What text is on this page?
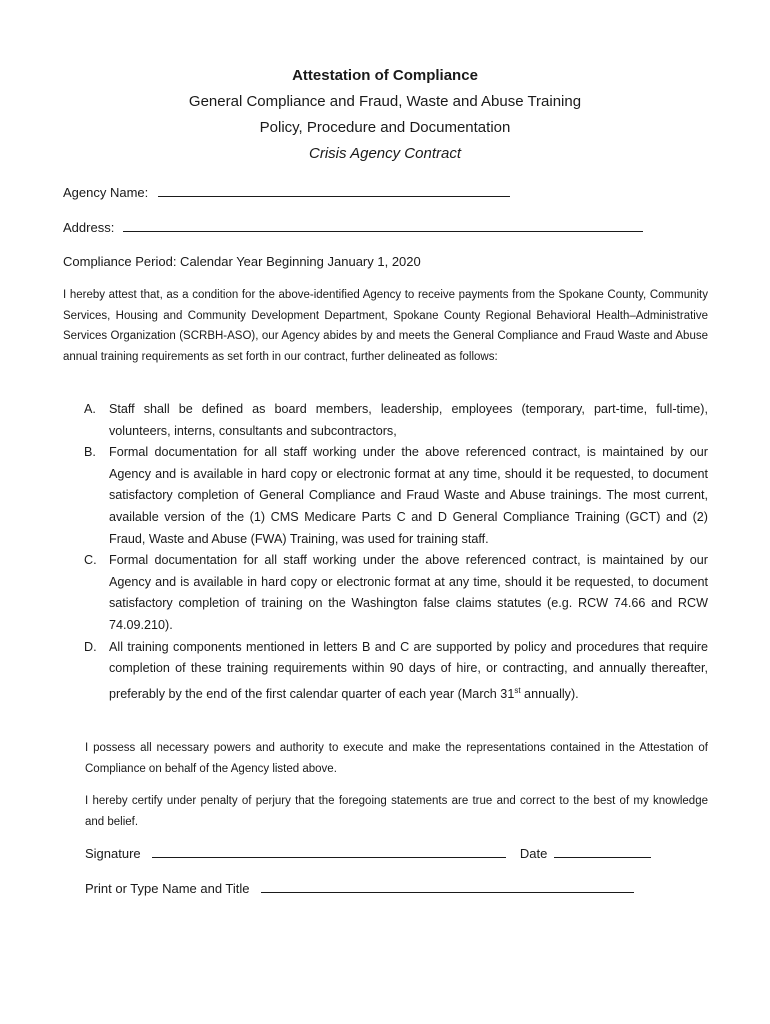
Attestation of Compliance
General Compliance and Fraud, Waste and Abuse Training
Policy, Procedure and Documentation
Crisis Agency Contract
Agency Name:
Address:
Compliance Period: Calendar Year Beginning January 1, 2020
I hereby attest that, as a condition for the above-identified Agency to receive payments from the Spokane County, Community Services, Housing and Community Development Department, Spokane County Regional Behavioral Health–Administrative Services Organization (SCRBH-ASO), our Agency abides by and meets the General Compliance and Fraud Waste and Abuse annual training requirements as set forth in our contract, further delineated as follows:
A. Staff shall be defined as board members, leadership, employees (temporary, part-time, full-time), volunteers, interns, consultants and subcontractors,
B. Formal documentation for all staff working under the above referenced contract, is maintained by our Agency and is available in hard copy or electronic format at any time, should it be requested, to document satisfactory completion of General Compliance and Fraud Waste and Abuse trainings. The most current, available version of the (1) CMS Medicare Parts C and D General Compliance Training (GCT) and (2) Fraud, Waste and Abuse (FWA) Training, was used for training staff.
C. Formal documentation for all staff working under the above referenced contract, is maintained by our Agency and is available in hard copy or electronic format at any time, should it be requested, to document satisfactory completion of training on the Washington false claims statutes (e.g. RCW 74.66 and RCW 74.09.210).
D. All training components mentioned in letters B and C are supported by policy and procedures that require completion of these training requirements within 90 days of hire, or contracting, and annually thereafter, preferably by the end of the first calendar quarter of each year (March 31st annually).
I possess all necessary powers and authority to execute and make the representations contained in the Attestation of Compliance on behalf of the Agency listed above.
I hereby certify under penalty of perjury that the foregoing statements are true and correct to the best of my knowledge and belief.
Signature	Date
Print or Type Name and Title
